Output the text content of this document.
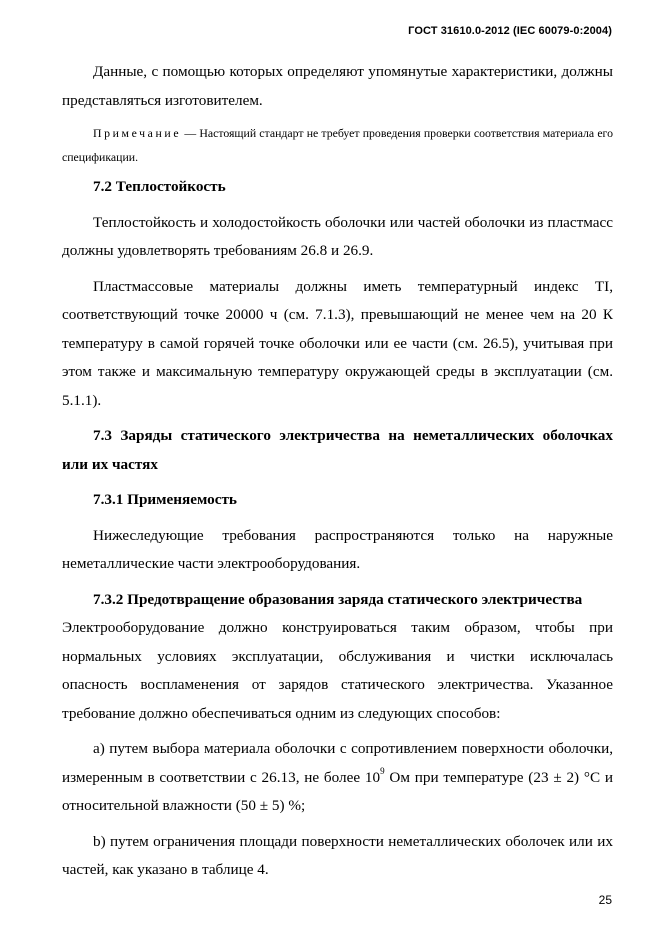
ГОСТ 31610.0-2012 (IEC 60079-0:2004)

Данные, с помощью которых определяют упомянутые характеристики, должны представляться изготовителем.

Примечание — Настоящий стандарт не требует проведения проверки соответствия материала его спецификации.

7.2 Теплостойкость

Теплостойкость и холодостойкость оболочки или частей оболочки из пластмасс должны удовлетворять требованиям 26.8 и 26.9.

Пластмассовые материалы должны иметь температурный индекс TI, соответствующий точке 20000 ч (см. 7.1.3), превышающий не менее чем на 20 К температуру в самой горячей точке оболочки или ее части (см. 26.5), учитывая при этом также и максимальную температуру окружающей среды в эксплуатации (см. 5.1.1).

7.3 Заряды статического электричества на неметаллических оболочках или их частях

7.3.1 Применяемость

Нижеследующие требования распространяются только на наружные неметаллические части электрооборудования.

7.3.2 Предотвращение образования заряда статического электричества

Электрооборудование должно конструироваться таким образом, чтобы при нормальных условиях эксплуатации, обслуживания и чистки исключалась опасность воспламенения от зарядов статического электричества. Указанное требование должно обеспечиваться одним из следующих способов:

a) путем выбора материала оболочки с сопротивлением поверхности оболочки, измеренным в соответствии с 26.13, не более $10^9$ Ом при температуре (23 ± 2) °С и относительной влажности (50 ± 5) %;

b) путем ограничения площади поверхности неметаллических оболочек или их частей, как указано в таблице 4.

25
